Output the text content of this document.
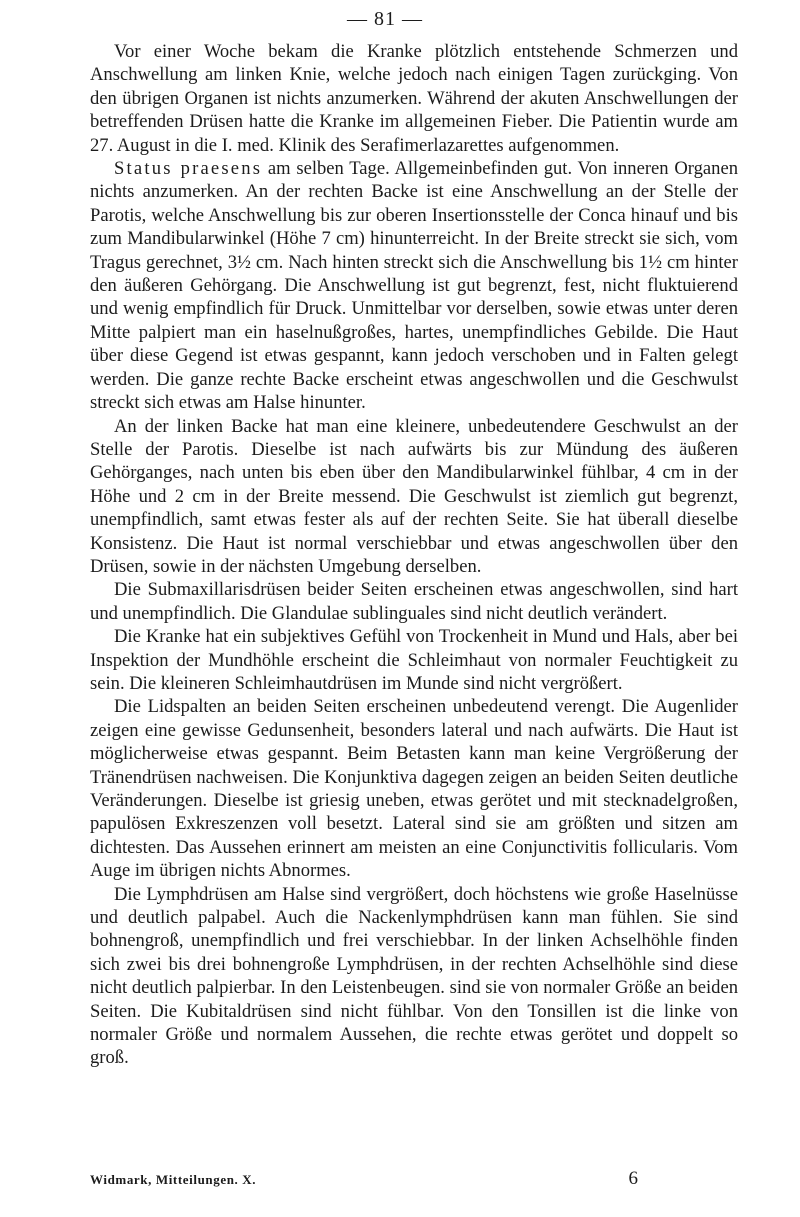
— 81 —

Vor einer Woche bekam die Kranke plötzlich entstehende Schmerzen und Anschwellung am linken Knie, welche jedoch nach einigen Tagen zurückging. Von den übrigen Organen ist nichts anzumerken. Während der akuten Anschwellungen der betreffenden Drüsen hatte die Kranke im allgemeinen Fieber. Die Patientin wurde am 27. August in die I. med. Klinik des Serafimerlazarettes aufgenommen.

Status praesens am selben Tage. Allgemeinbefinden gut. Von inneren Organen nichts anzumerken. An der rechten Backe ist eine Anschwellung an der Stelle der Parotis, welche Anschwellung bis zur oberen Insertionsstelle der Conca hinauf und bis zum Mandibularwinkel (Höhe 7 cm) hinunterreicht. In der Breite streckt sie sich, vom Tragus gerechnet, 3½ cm. Nach hinten streckt sich die Anschwellung bis 1½ cm hinter den äußeren Gehörgang. Die Anschwellung ist gut begrenzt, fest, nicht fluktuierend und wenig empfindlich für Druck. Unmittelbar vor derselben, sowie etwas unter deren Mitte palpiert man ein haselnußgroßes, hartes, unempfindliches Gebilde. Die Haut über diese Gegend ist etwas gespannt, kann jedoch verschoben und in Falten gelegt werden. Die ganze rechte Backe erscheint etwas angeschwollen und die Geschwulst streckt sich etwas am Halse hinunter.

An der linken Backe hat man eine kleinere, unbedeutendere Geschwulst an der Stelle der Parotis. Dieselbe ist nach aufwärts bis zur Mündung des äußeren Gehörganges, nach unten bis eben über den Mandibularwinkel fühlbar, 4 cm in der Höhe und 2 cm in der Breite messend. Die Geschwulst ist ziemlich gut begrenzt, unempfindlich, samt etwas fester als auf der rechten Seite. Sie hat überall dieselbe Konsistenz. Die Haut ist normal verschiebbar und etwas angeschwollen über den Drüsen, sowie in der nächsten Umgebung derselben.

Die Submaxillarisdrüsen beider Seiten erscheinen etwas angeschwollen, sind hart und unempfindlich. Die Glandulae sublinguales sind nicht deutlich verändert.

Die Kranke hat ein subjektives Gefühl von Trockenheit in Mund und Hals, aber bei Inspektion der Mundhöhle erscheint die Schleimhaut von normaler Feuchtigkeit zu sein. Die kleineren Schleimhautdrüsen im Munde sind nicht vergrößert.

Die Lidspalten an beiden Seiten erscheinen unbedeutend verengt. Die Augenlider zeigen eine gewisse Gedunsenheit, besonders lateral und nach aufwärts. Die Haut ist möglicherweise etwas gespannt. Beim Betasten kann man keine Vergrößerung der Tränendrüsen nachweisen. Die Konjunktiva dagegen zeigen an beiden Seiten deutliche Veränderungen. Dieselbe ist griesig uneben, etwas gerötet und mit stecknadelgroßen, papulösen Exkreszenzen voll besetzt. Lateral sind sie am größten und sitzen am dichtesten. Das Aussehen erinnert am meisten an eine Conjunctivitis follicularis. Vom Auge im übrigen nichts Abnormes.

Die Lymphdrüsen am Halse sind vergrößert, doch höchstens wie große Haselnüsse und deutlich palpabel. Auch die Nackenlymphdrüsen kann man fühlen. Sie sind bohnengroß, unempfindlich und frei verschiebbar. In der linken Achselhöhle finden sich zwei bis drei bohnengroße Lymphdrüsen, in der rechten Achselhöhle sind diese nicht deutlich palpierbar. In den Leistenbeugen. sind sie von normaler Größe an beiden Seiten. Die Kubitaldrüsen sind nicht fühlbar. Von den Tonsillen ist die linke von normaler Größe und normalem Aussehen, die rechte etwas gerötet und doppelt so groß.

Widmark, Mitteilungen. X.	6
